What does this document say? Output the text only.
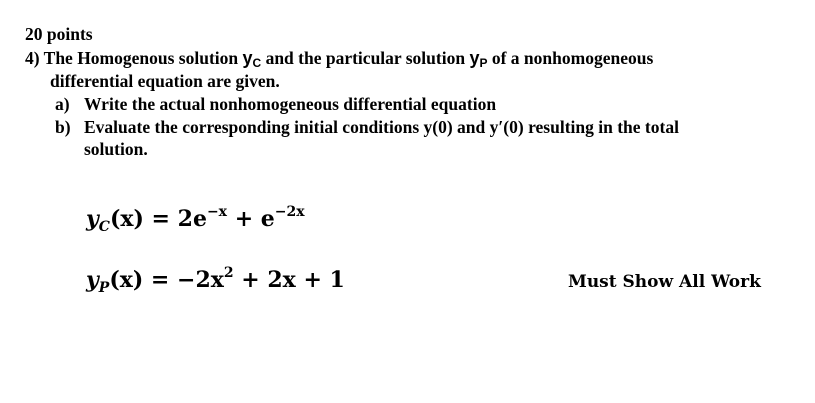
20 points
4) The Homogenous solution yC and the particular solution yP of a nonhomogeneous
differential equation are given.
a) Write the actual nonhomogeneous differential equation
b) Evaluate the corresponding initial conditions y(0) and y′(0) resulting in the total
solution.
$y_C(x) = 2e^{-x} + e^{-2x}$
$y_P(x) = -2x^2 + 2x + 1$	Must Show All Work
